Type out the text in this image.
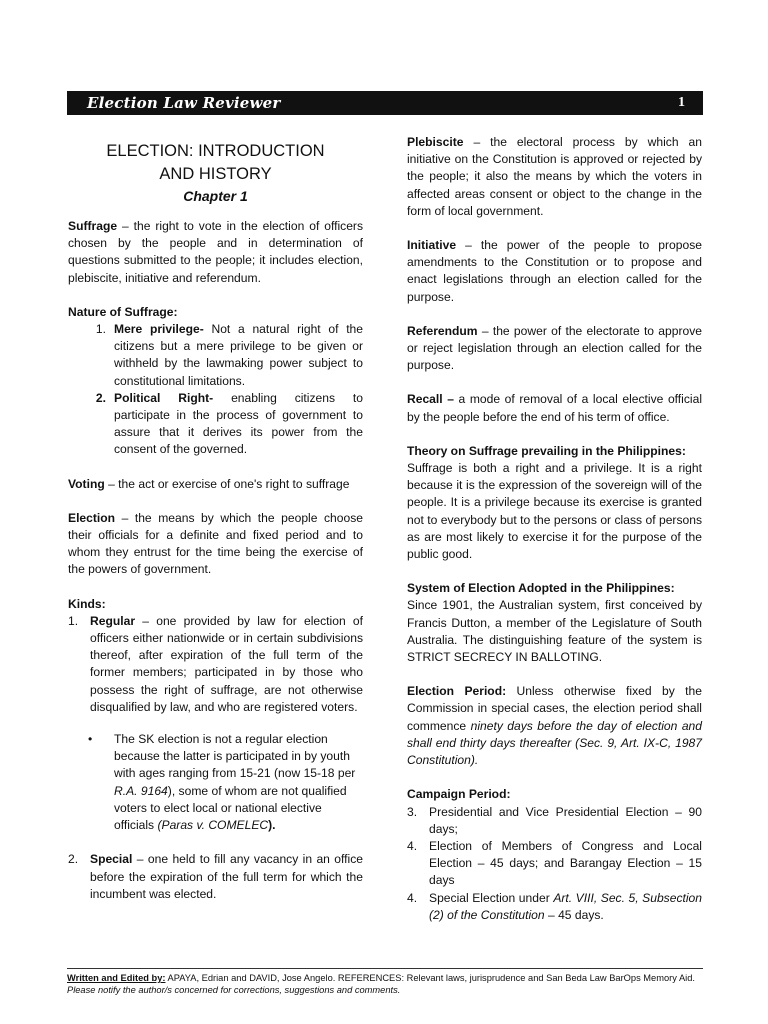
Election Law Reviewer	1
ELECTION: INTRODUCTION
AND HISTORY
Chapter 1

Suffrage – the right to vote in the election of officers chosen by the people and in determination of questions submitted to the people; it includes election, plebiscite, initiative and referendum.

Nature of Suffrage:
1. Mere privilege- Not a natural right of the citizens but a mere privilege to be given or withheld by the lawmaking power subject to constitutional limitations.
2. Political Right- enabling citizens to participate in the process of government to assure that it derives its power from the consent of the governed.

Voting – the act or exercise of one's right to suffrage

Election – the means by which the people choose their officials for a definite and fixed period and to whom they entrust for the time being the exercise of the powers of government.

Kinds:
1. Regular – one provided by law for election of officers either nationwide or in certain subdivisions thereof, after expiration of the full term of the former members; participated in by those who possess the right of suffrage, are not otherwise disqualified by law, and who are registered voters.
•	The SK election is not a regular election because the latter is participated in by youth with ages ranging from 15-21 (now 15-18 per R.A. 9164), some of whom are not qualified voters to elect local or national elective officials (Paras v. COMELEC).
2. Special – one held to fill any vacancy in an office before the expiration of the full term for which the incumbent was elected.

Plebiscite – the electoral process by which an initiative on the Constitution is approved or rejected by the people; it also the means by which the voters in affected areas consent or object to the change in the form of local government.

Initiative – the power of the people to propose amendments to the Constitution or to propose and enact legislations through an election called for the purpose.

Referendum – the power of the electorate to approve or reject legislation through an election called for the purpose.

Recall – a mode of removal of a local elective official by the people before the end of his term of office.

Theory on Suffrage prevailing in the Philippines:
Suffrage is both a right and a privilege. It is a right because it is the expression of the sovereign will of the people. It is a privilege because its exercise is granted not to everybody but to the persons or class of persons as are most likely to exercise it for the purpose of the public good.

System of Election Adopted in the Philippines:
Since 1901, the Australian system, first conceived by Francis Dutton, a member of the Legislature of South Australia. The distinguishing feature of the system is STRICT SECRECY IN BALLOTING.

Election Period: Unless otherwise fixed by the Commission in special cases, the election period shall commence ninety days before the day of election and shall end thirty days thereafter (Sec. 9, Art. IX-C, 1987 Constitution).

Campaign Period:
3. Presidential and Vice Presidential Election – 90 days;
4. Election of Members of Congress and Local Election – 45 days; and Barangay Election – 15 days
4. Special Election under Art. VIII, Sec. 5, Subsection (2) of the Constitution – 45 days.
Written and Edited by: APAYA, Edrian and DAVID, Jose Angelo. REFERENCES: Relevant laws, jurisprudence and San Beda Law BarOps Memory Aid.
Please notify the author/s concerned for corrections, suggestions and comments.
